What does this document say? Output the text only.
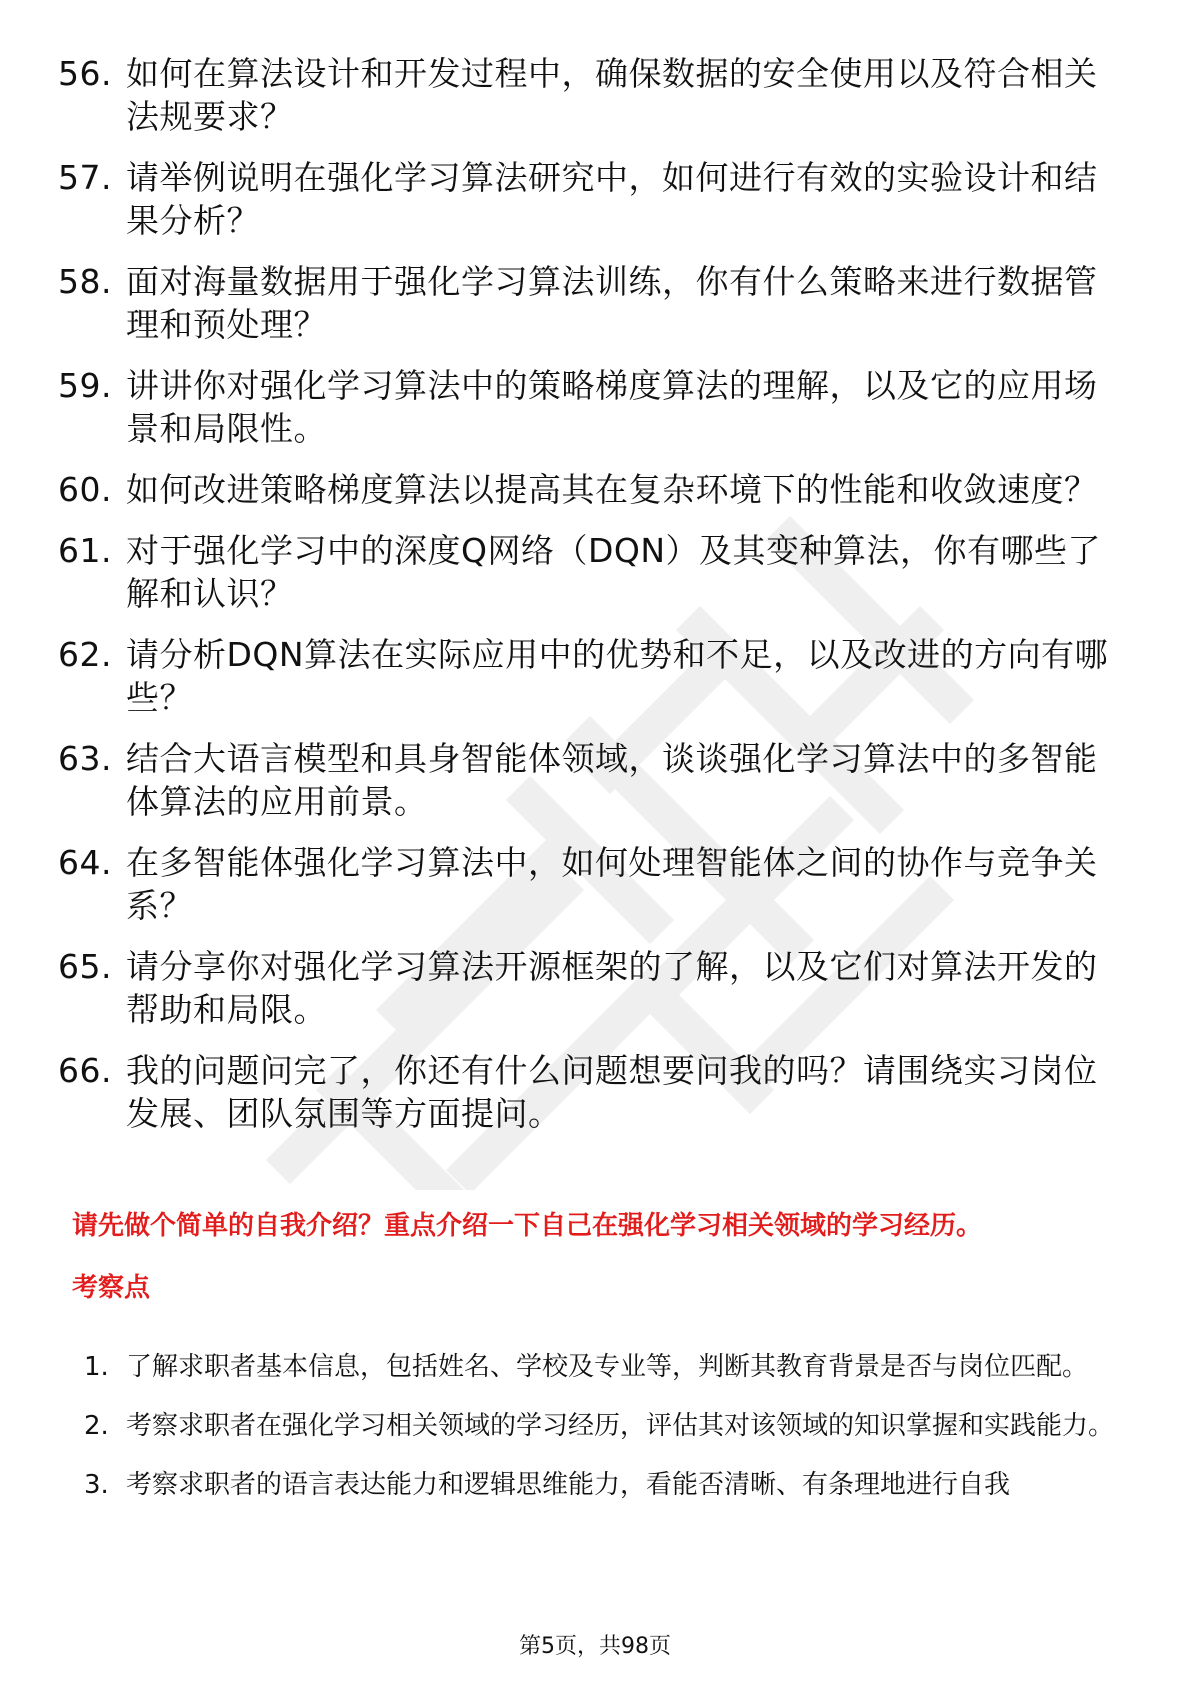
56. 如何在算法设计和开发过程中，确保数据的安全使用以及符合相关法规要求？
57. 请举例说明在强化学习算法研究中，如何进行有效的实验设计和结果分析？
58. 面对海量数据用于强化学习算法训练，你有什么策略来进行数据管理和预处理？
59. 讲讲你对强化学习算法中的策略梯度算法的理解，以及它的应用场景和局限性。
60. 如何改进策略梯度算法以提高其在复杂环境下的性能和收敛速度？
61. 对于强化学习中的深度Q网络（DQN）及其变种算法，你有哪些了解和认识？
62. 请分析DQN算法在实际应用中的优势和不足，以及改进的方向有哪些？
63. 结合大语言模型和具身智能体领域，谈谈强化学习算法中的多智能体算法的应用前景。
64. 在多智能体强化学习算法中，如何处理智能体之间的协作与竞争关系？
65. 请分享你对强化学习算法开源框架的了解，以及它们对算法开发的帮助和局限。
66. 我的问题问完了，你还有什么问题想要问我的吗？请围绕实习岗位发展、团队氛围等方面提问。

请先做个简单的自我介绍？重点介绍一下自己在强化学习相关领域的学习经历。

考察点

1. 了解求职者基本信息，包括姓名、学校及专业等，判断其教育背景是否与岗位匹配。
2. 考察求职者在强化学习相关领域的学习经历，评估其对该领域的知识掌握和实践能力。
3. 考察求职者的语言表达能力和逻辑思维能力，看能否清晰、有条理地进行自我
第5页，共98页
